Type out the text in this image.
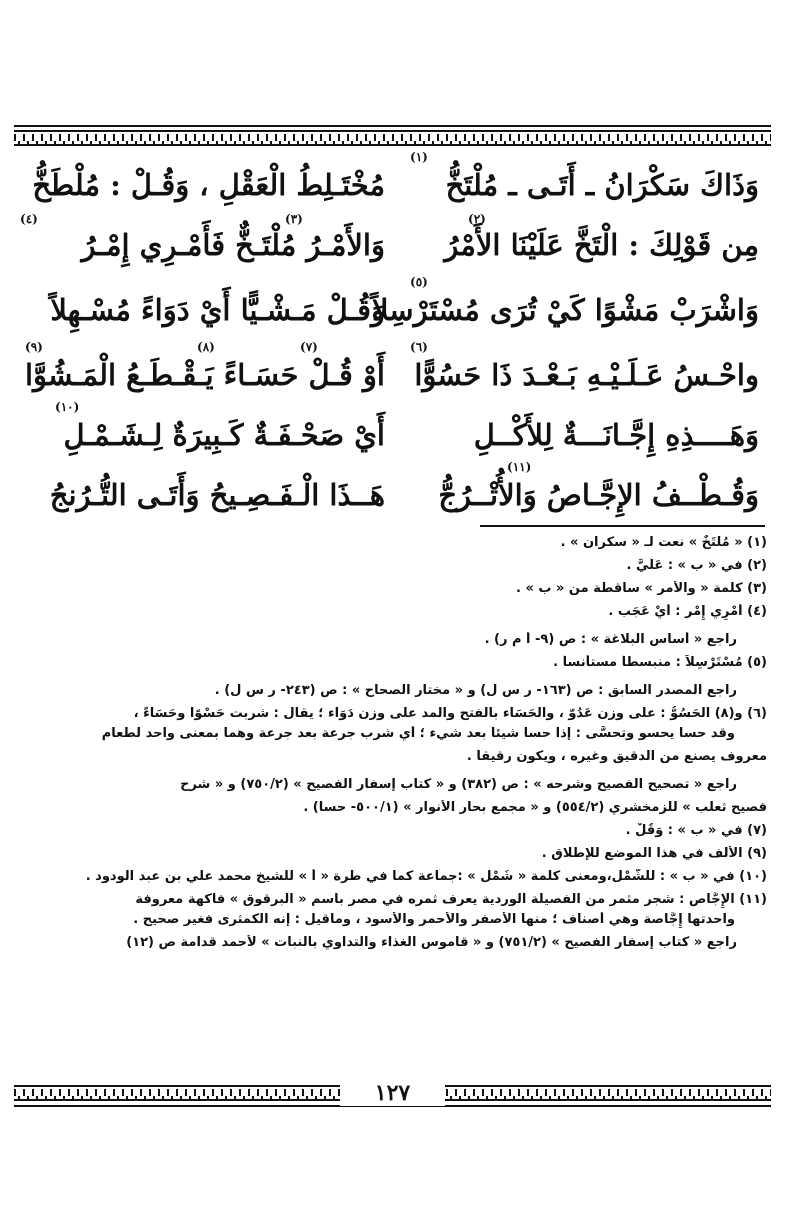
وَذَاكَ سَكْرَانُ ـ أَتَـى ـ مُلْتَخُّ
مُخْتَـلِطُ الْعَقْلِ ، وَقُـلْ : مُلْطَخُّ
مِن قَوْلِكَ : الْتَخَّ عَلَيْنَا الأَمْرُ
وَالأَمْـرُ مُلْتَـخٌّ فَأَمْـرِي إِمْـرُ
وَاشْرَبْ مَشْوًا كَيْ تُرَى مُسْتَرْسِلاً
وَقُـلْ مَـشْـيًّا أَيْ دَوَاءً مُسْـهِلاً
واحْـسُ عَـلَـيْـهِ بَـعْـدَ ذَا حَسُوًّا
أَوْ قُـلْ حَسَـاءً يَـقْـطَـعُ الْمَـشُوَّا
وَهَــــذِهِ إِجَّـانَـــةٌ لِلأَكْــلِ
أَيْ صَحْـفَـةٌ كَـبِيرَةٌ لِـشَـمْـلِ
وَقُـطْــفُ الإِجَّـاصُ وَالأُتْــرُجُّ
هَــذَا الْـفَـصِـيحُ وَأَتَـى التُّـرُنجُ
(١)
(٢)
(٣)
(٤)
(٥)
(٦)
(٧)
(٨)
(٩)
(١٠)
(١١)
(١) « مُلْتَخٌ » نعت لـ « سكران » .
(٢) في « ب » : عَلَيَّ .
(٣) كلمة « والأمر » ساقطة من « ب » .
(٤) أَمْرِي إِمْر : أَيْ عَجَب .
راجع « أساس البلاغة » : ص (٩- أ م ر) .
(٥) مُسْتَرْسِلاً : منبسطاً مستأنساً .
راجع المصدر السابق : ص (١٦٣- ر س ل) و « مختار الصحاح » : ص (٢٤٣- ر س ل) .
(٦) و(٨) الْحَسُوُّ : على وزن عَدُوّ ، والحَسَاء بالفتح والمد على وزن دَوَاء ؛ يقال : شربت حَسْوًا وحَسَاءً ،
وقد حسا يحسو وتحسَّى : إذا حسا شيئاً بعد شيء ؛ أي شرب جرعة بعد جرعة وهما بمعنى واحد لطعام
معروف يصنع من الدقيق وغيره ، ويكون رقيقاً .
راجع « تصحيح الفصيح وشرحه » : ص (٣٨٢) و « كتاب إسفار الفصيح » (٧٥٠/٢) و « شرح
فصيح ثعلب » للزمخشري (٥٥٤/٢) و « مجمع بحار الأنوار » (٥٠٠/١- حسا) .
(٧) في « ب » : وَقُلْ .
(٩) الألف في هذا الموضع للإطلاق .
(١٠) في « ب » : للشَّمْل،ومعنى كلمة « شَمْل » :جماعة كما في طرة « أ » للشيخ محمد علي بن عبد الودود .
(١١) الإِجَّاص : شجر مثمر من الفصيلة الوردية يعرف ثمره في مصر باسم « البرقوق » فاكهة معروفة
واحدتها إِجَّاصة وهي أصناف ؛ منها الأصفر والأحمر والأسود ، وماقيل : إنه الكمثرى فغير صحيح .
راجع « كتاب إسفار الفصيح » (٧٥١/٢) و « قاموس الغذاء والتداوي بالنبات » لأحمد قدامة ص (١٢)
١٢٧
